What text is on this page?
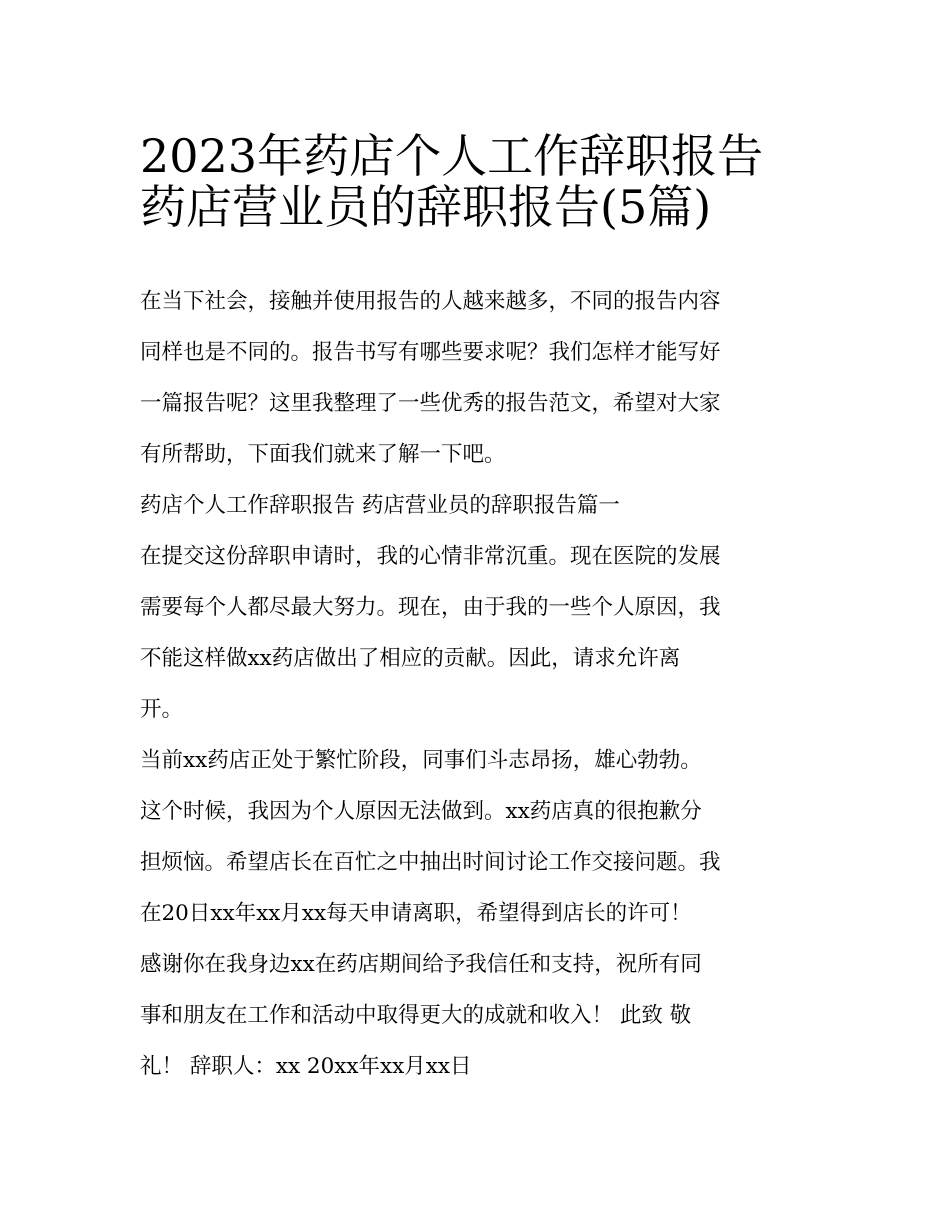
2023年药店个人工作辞职报告
药店营业员的辞职报告(5篇)
在当下社会，接触并使用报告的人越来越多，不同的报告内容
同样也是不同的。报告书写有哪些要求呢？我们怎样才能写好
一篇报告呢？这里我整理了一些优秀的报告范文，希望对大家
有所帮助，下面我们就来了解一下吧。
药店个人工作辞职报告 药店营业员的辞职报告篇一
在提交这份辞职申请时，我的心情非常沉重。现在医院的发展
需要每个人都尽最大努力。现在，由于我的一些个人原因，我
不能这样做xx药店做出了相应的贡献。因此，请求允许离
开。
当前xx药店正处于繁忙阶段，同事们斗志昂扬，雄心勃勃。
这个时候，我因为个人原因无法做到。xx药店真的很抱歉分
担烦恼。希望店长在百忙之中抽出时间讨论工作交接问题。我
在20日xx年xx月xx每天申请离职，希望得到店长的许可！
感谢你在我身边xx在药店期间给予我信任和支持，祝所有同
事和朋友在工作和活动中取得更大的成就和收入！ 此致 敬
礼！ 辞职人：xx 20xx年xx月xx日
